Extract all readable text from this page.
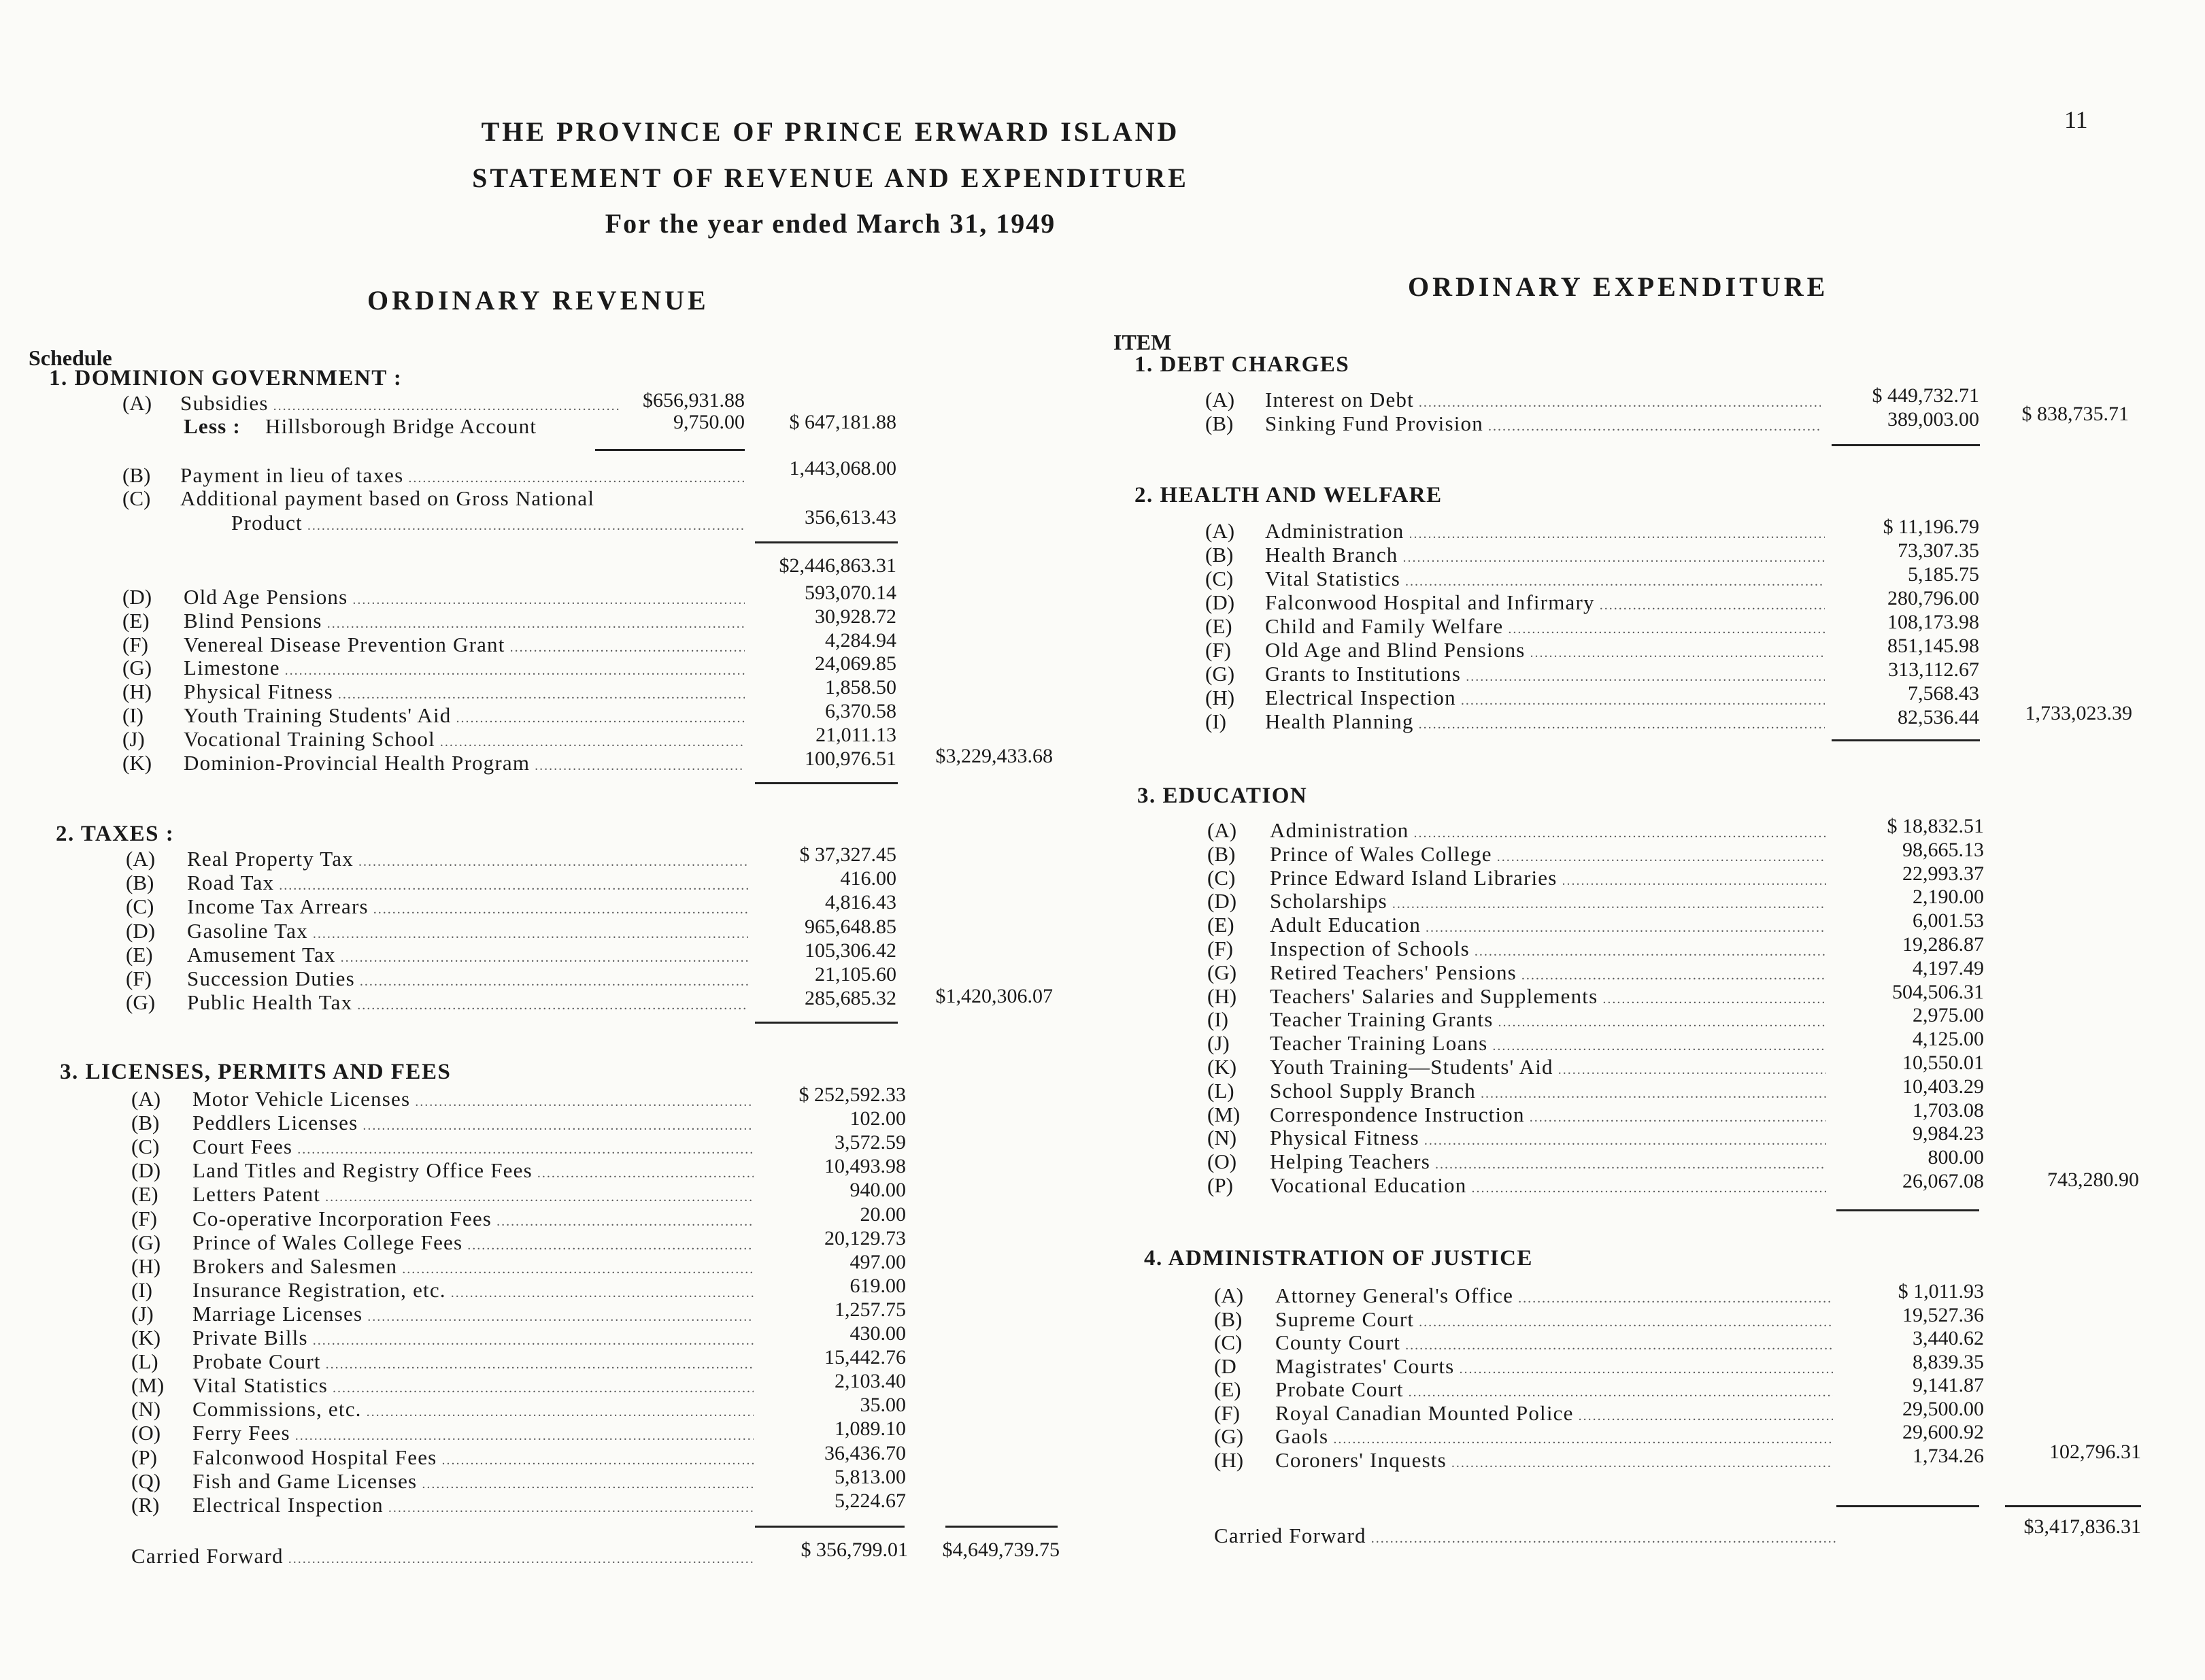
THE PROVINCE OF PRINCE ERWARD ISLAND
STATEMENT OF REVENUE AND EXPENDITURE
For the year ended March 31, 1949
11
ORDINARY REVENUE
Schedule
1. DOMINION GOVERNMENT :
(A)	Subsidies .....	$656,931.88
Less : Hillsborough Bridge Account	9,750.00	$ 647,181.88
(B)	Payment in lieu of taxes .....	1,443,068.00
(C)	Additional payment based on Gross National
Product .....	356,613.43
$2,446,863.31
(D)	Old Age Pensions .....	593,070.14
(E)	Blind Pensions .....	30,928.72
(F)	Venereal Disease Prevention Grant .....	4,284.94
(G)	Limestone .....	24,069.85
(H)	Physical Fitness .....	1,858.50
(I)	Youth Training Students' Aid .....	6,370.58
(J)	Vocational Training School .....	21,011.13
(K)	Dominion-Provincial Health Program .....	100,976.51	$3,229,433.68
2. TAXES :
(A)	Real Property Tax .....	$ 37,327.45
(B)	Road Tax .....	416.00
(C)	Income Tax Arrears .....	4,816.43
(D)	Gasoline Tax .....	965,648.85
(E)	Amusement Tax .....	105,306.42
(F)	Succession Duties .....	21,105.60
(G)	Public Health Tax .....	285,685.32	$1,420,306.07
3. LICENSES, PERMITS AND FEES
(A)	Motor Vehicle Licenses .....	$ 252,592.33
(B)	Peddlers Licenses .....	102.00
(C)	Court Fees .....	3,572.59
(D)	Land Titles and Registry Office Fees .....	10,493.98
(E)	Letters Patent .....	940.00
(F)	Co-operative Incorporation Fees .....	20.00
(G)	Prince of Wales College Fees .....	20,129.73
(H)	Brokers and Salesmen .....	497.00
(I)	Insurance Registration, etc. .....	619.00
(J)	Marriage Licenses .....	1,257.75
(K)	Private Bills .....	430.00
(L)	Probate Court .....	15,442.76
(M)	Vital Statistics .....	2,103.40
(N)	Commissions, etc. .....	35.00
(O)	Ferry Fees .....	1,089.10
(P)	Falconwood Hospital Fees .....	36,436.70
(Q)	Fish and Game Licenses .....	5,813.00
(R)	Electrical Inspection .....	5,224.67
Carried Forward .....	$ 356,799.01	$4,649,739.75
ORDINARY EXPENDITURE
ITEM
1. DEBT CHARGES
(A)	Interest on Debt .....	$ 449,732.71
(B)	Sinking Fund Provision .....	389,003.00	$ 838,735.71
2. HEALTH AND WELFARE
(A)	Administration .....	$ 11,196.79
(B)	Health Branch .....	73,307.35
(C)	Vital Statistics .....	5,185.75
(D)	Falconwood Hospital and Infirmary .....	280,796.00
(E)	Child and Family Welfare .....	108,173.98
(F)	Old Age and Blind Pensions .....	851,145.98
(G)	Grants to Institutions .....	313,112.67
(H)	Electrical Inspection .....	7,568.43
(I)	Health Planning .....	82,536.44	1,733,023.39
3. EDUCATION
(A)	Administration .....	$ 18,832.51
(B)	Prince of Wales College .....	98,665.13
(C)	Prince Edward Island Libraries .....	22,993.37
(D)	Scholarships .....	2,190.00
(E)	Adult Education .....	6,001.53
(F)	Inspection of Schools .....	19,286.87
(G)	Retired Teachers' Pensions .....	4,197.49
(H)	Teachers' Salaries and Supplements .....	504,506.31
(I)	Teacher Training Grants .....	2,975.00
(J)	Teacher Training Loans .....	4,125.00
(K)	Youth Training—Students' Aid .....	10,550.01
(L)	School Supply Branch .....	10,403.29
(M)	Correspondence Instruction .....	1,703.08
(N)	Physical Fitness .....	9,984.23
(O)	Helping Teachers .....	800.00
(P)	Vocational Education .....	26,067.08	743,280.90
4. ADMINISTRATION OF JUSTICE
(A)	Attorney General's Office .....	$ 1,011.93
(B)	Supreme Court .....	19,527.36
(C)	County Court .....	3,440.62
(D	Magistrates' Courts .....	8,839.35
(E)	Probate Court .....	9,141.87
(F)	Royal Canadian Mounted Police .....	29,500.00
(G)	Gaols .....	29,600.92
(H)	Coroners' Inquests .....	1,734.26	102,796.31
Carried Forward .....	$3,417,836.31
